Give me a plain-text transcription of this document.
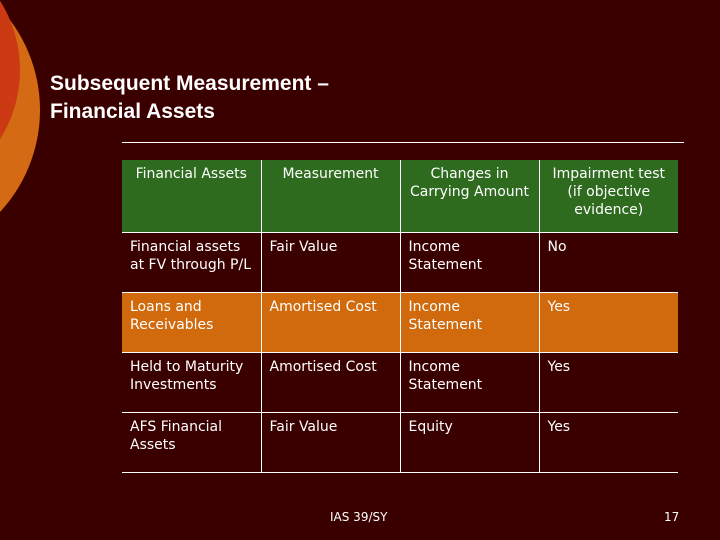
Subsequent Measurement –
Financial Assets
Financial Assets	Measurement	Changes in Carrying Amount	Impairment test (if objective evidence)
Financial assets at FV through P/L	Fair Value	Income Statement	No
Loans and Receivables	Amortised Cost	Income Statement	Yes
Held to Maturity Investments	Amortised Cost	Income Statement	Yes
AFS Financial Assets	Fair Value	Equity	Yes
IAS 39/SY	17
